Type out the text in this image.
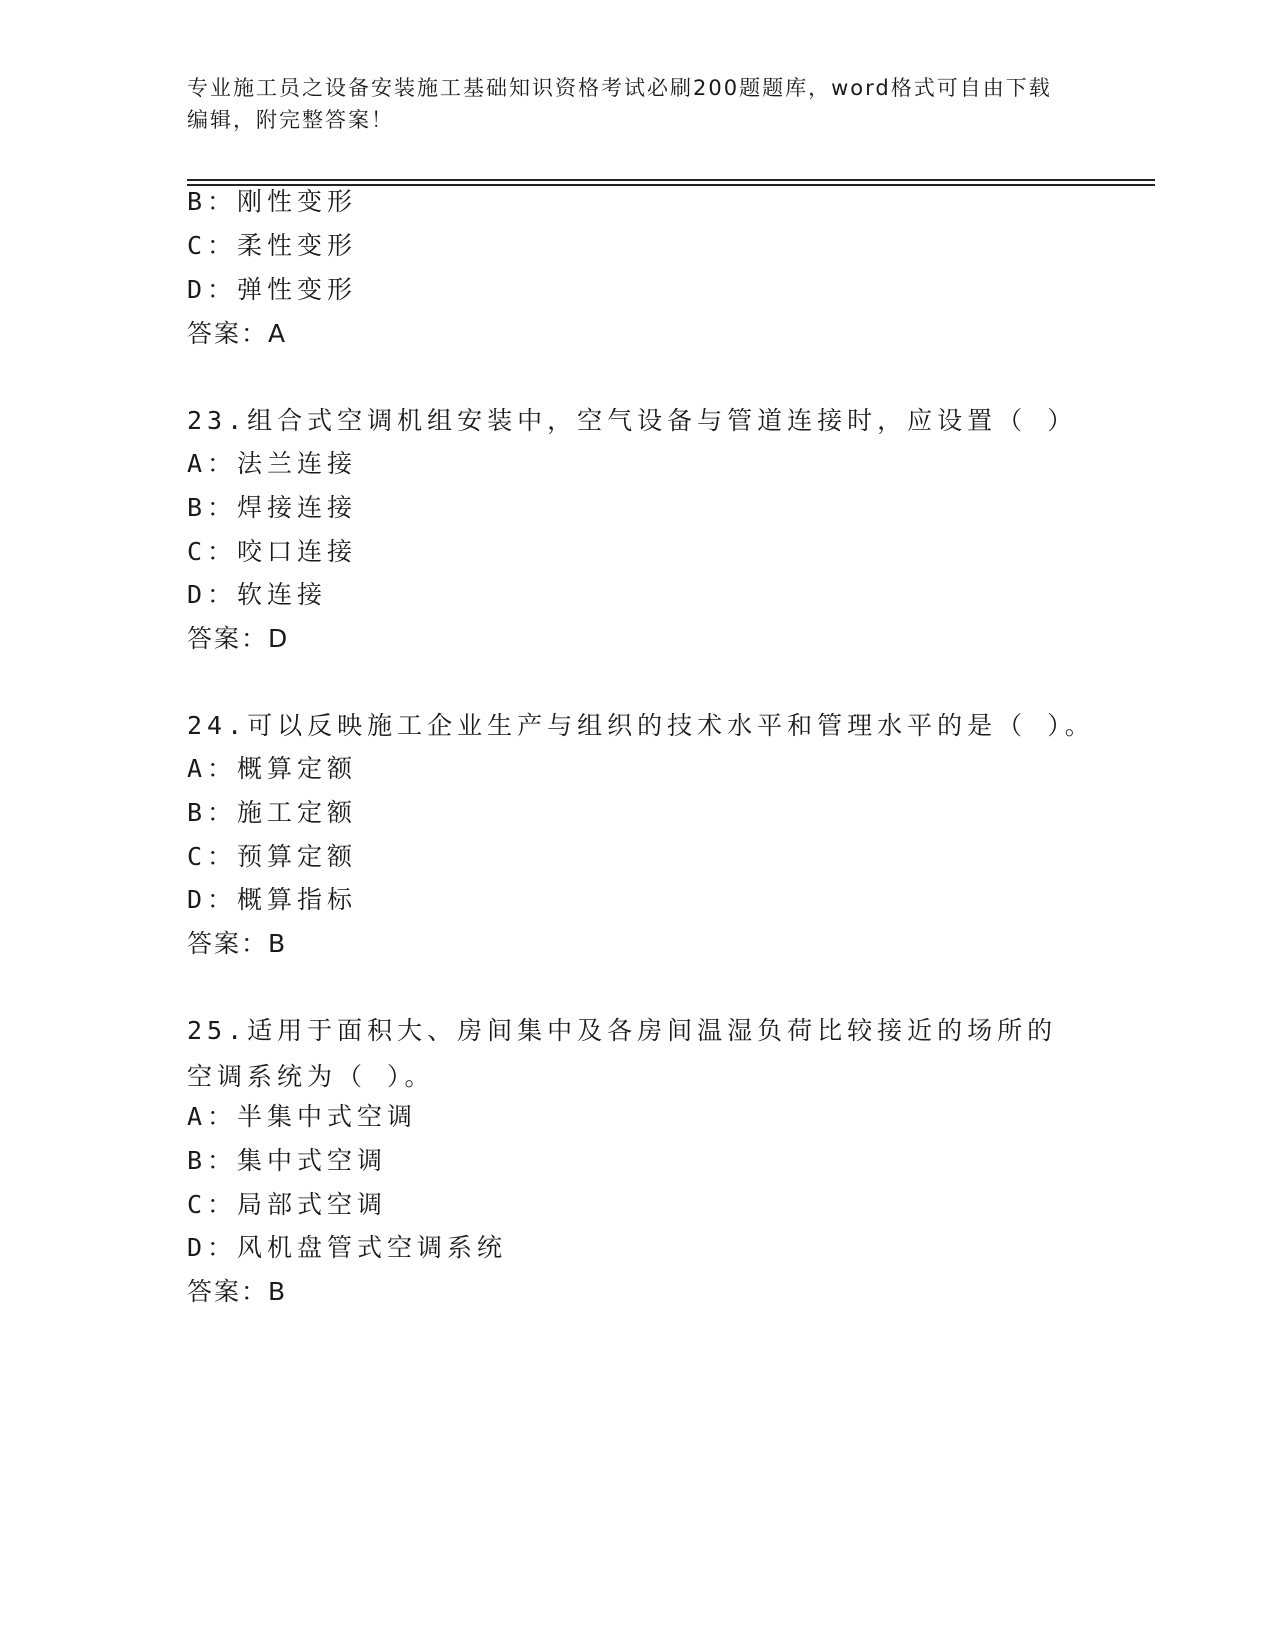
专业施工员之设备安装施工基础知识资格考试必刷200题题库，word格式可自由下载编辑，附完整答案！
B：刚性变形
C：柔性变形
D：弹性变形
答案：A
23.组合式空调机组安装中，空气设备与管道连接时，应设置（ ）
A：法兰连接
B：焊接连接
C：咬口连接
D：软连接
答案：D
24.可以反映施工企业生产与组织的技术水平和管理水平的是（ ）。
A：概算定额
B：施工定额
C：预算定额
D：概算指标
答案：B
25.适用于面积大、房间集中及各房间温湿负荷比较接近的场所的空调系统为（ ）。
A：半集中式空调
B：集中式空调
C：局部式空调
D：风机盘管式空调系统
答案：B
